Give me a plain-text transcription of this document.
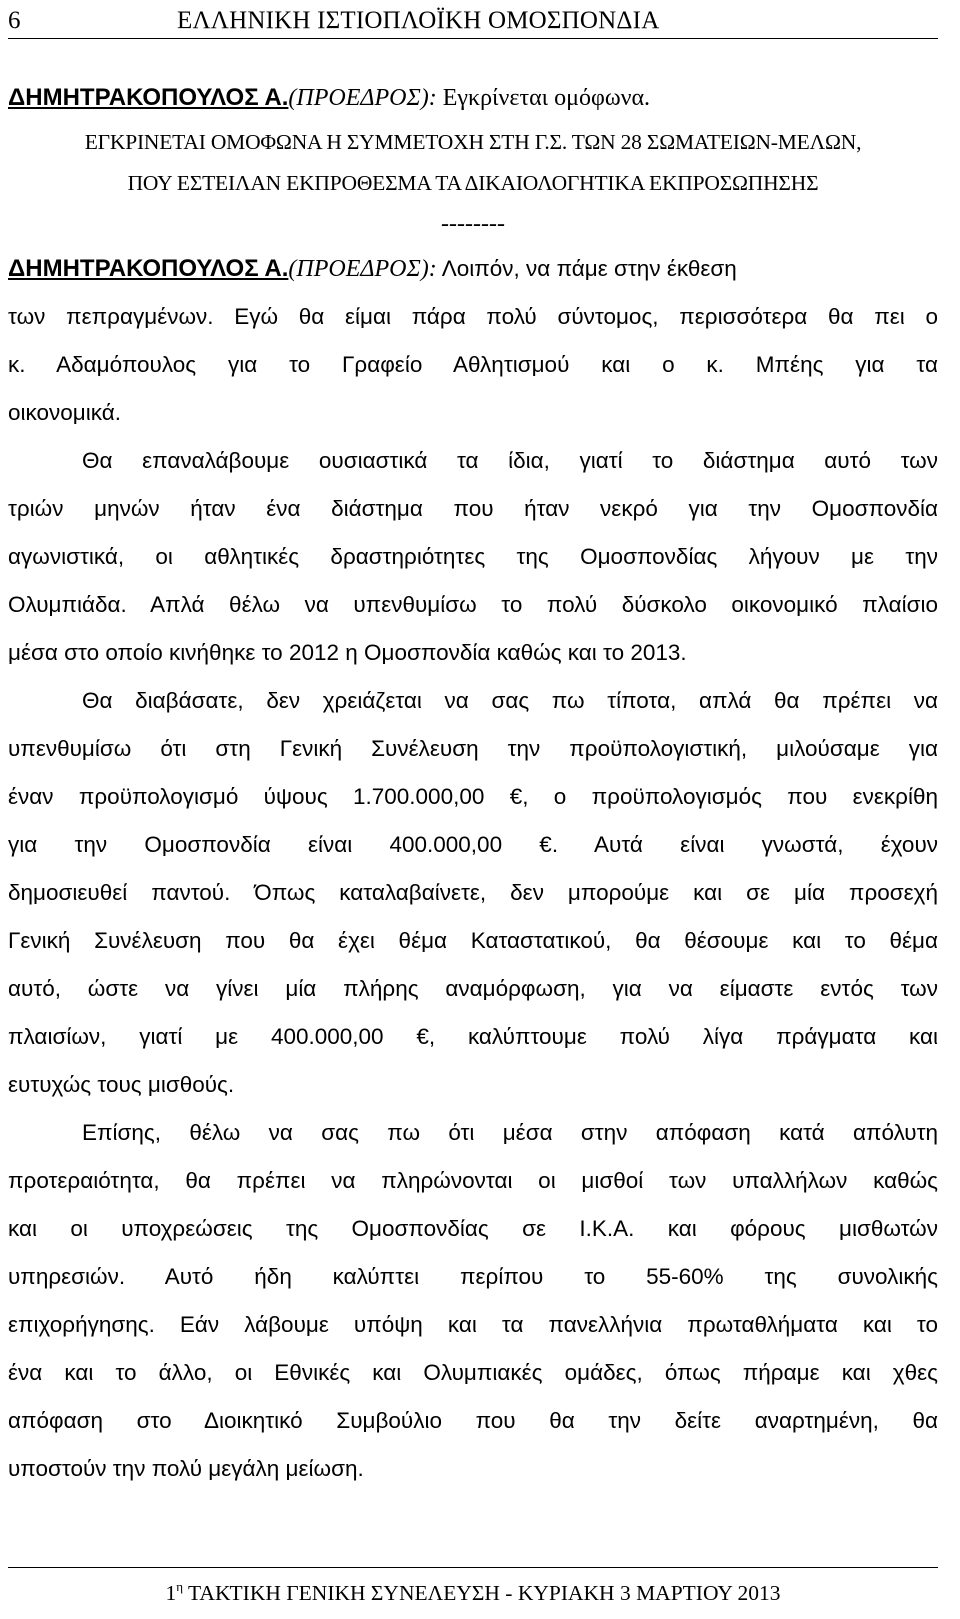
6	ΕΛΛΗΝΙΚΗ ΙΣΤΙΟΠΛΟΪΚΗ ΟΜΟΣΠΟΝΔΙΑ
ΔΗΜΗΤΡΑΚΟΠΟΥΛΟΣ Α.(ΠΡΟΕΔΡΟΣ): Εγκρίνεται ομόφωνα.
ΕΓΚΡΙΝΕΤΑΙ ΟΜΟΦΩΝΑ Η ΣΥΜΜΕΤΟΧΗ ΣΤΗ Γ.Σ. ΤΩΝ 28 ΣΩΜΑΤΕΙΩΝ-ΜΕΛΩΝ,
ΠΟΥ ΕΣΤΕΙΛΑΝ ΕΚΠΡΟΘΕΣΜΑ ΤΑ ΔΙΚΑΙΟΛΟΓΗΤΙΚΑ ΕΚΠΡΟΣΩΠΗΣΗΣ
--------
ΔΗΜΗΤΡΑΚΟΠΟΥΛΟΣ Α.(ΠΡΟΕΔΡΟΣ): Λοιπόν, να πάμε στην έκθεση
των πεπραγμένων. Εγώ θα είμαι πάρα πολύ σύντομος, περισσότερα θα πει ο
κ. Αδαμόπουλος για το Γραφείο Αθλητισμού και ο κ. Μπέης για τα
οικονομικά.
Θα επαναλάβουμε ουσιαστικά τα ίδια, γιατί το διάστημα αυτό των
τριών μηνών ήταν ένα διάστημα που ήταν νεκρό για την Ομοσπονδία
αγωνιστικά, οι αθλητικές δραστηριότητες της Ομοσπονδίας λήγουν με την
Ολυμπιάδα. Απλά θέλω να υπενθυμίσω το πολύ δύσκολο οικονομικό πλαίσιο
μέσα στο οποίο κινήθηκε το 2012 η Ομοσπονδία καθώς και το 2013.
Θα διαβάσατε, δεν χρειάζεται να σας πω τίποτα, απλά θα πρέπει να
υπενθυμίσω ότι στη Γενική Συνέλευση την προϋπολογιστική, μιλούσαμε για
έναν προϋπολογισμό ύψους 1.700.000,00 €, ο προϋπολογισμός που ενεκρίθη
για την Ομοσπονδία είναι 400.000,00 €. Αυτά είναι γνωστά, έχουν
δημοσιευθεί παντού. Όπως καταλαβαίνετε, δεν μπορούμε και σε μία προσεχή
Γενική Συνέλευση που θα έχει θέμα Καταστατικού, θα θέσουμε και το θέμα
αυτό, ώστε να γίνει μία πλήρης αναμόρφωση, για να είμαστε εντός των
πλαισίων, γιατί με 400.000,00 €, καλύπτουμε πολύ λίγα πράγματα και
ευτυχώς τους μισθούς.
Επίσης, θέλω να σας πω ότι μέσα στην απόφαση κατά απόλυτη
προτεραιότητα, θα πρέπει να πληρώνονται οι μισθοί των υπαλλήλων καθώς
και οι υποχρεώσεις της Ομοσπονδίας σε Ι.Κ.Α. και φόρους μισθωτών
υπηρεσιών. Αυτό ήδη καλύπτει περίπου το 55-60% της συνολικής
επιχορήγησης. Εάν λάβουμε υπόψη και τα πανελλήνια πρωταθλήματα και το
ένα και το άλλο, οι Εθνικές και Ολυμπιακές ομάδες, όπως πήραμε και χθες
απόφαση στο Διοικητικό Συμβούλιο που θα την δείτε αναρτημένη, θα
υποστούν την πολύ μεγάλη μείωση.
$1^\eta$ ΤΑΚΤΙΚΗ ΓΕΝΙΚΗ ΣΥΝΕΛΕΥΣΗ - ΚΥΡΙΑΚΗ 3 ΜΑΡΤΙΟΥ 2013
